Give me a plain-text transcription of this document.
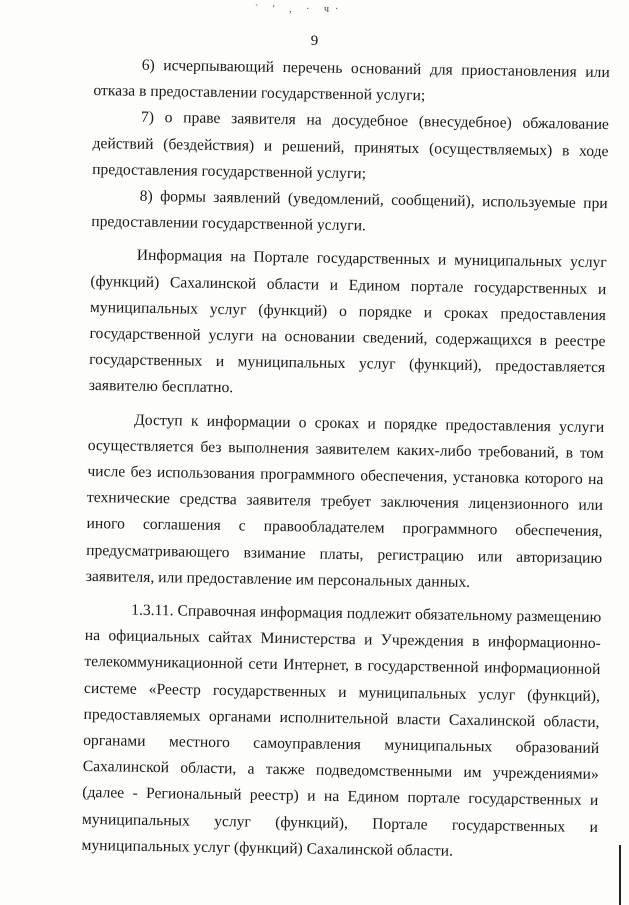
` ' , · ч·
9

6) исчерпывающий перечень оснований для приостановления или отказа в предоставлении государственной услуги;

7) о праве заявителя на досудебное (внесудебное) обжалование действий (бездействия) и решений, принятых (осуществляемых) в ходе предоставления государственной услуги;

8) формы заявлений (уведомлений, сообщений), используемые при предоставлении государственной услуги.

Информация на Портале государственных и муниципальных услуг (функций) Сахалинской области и Едином портале государственных и муниципальных услуг (функций) о порядке и сроках предоставления государственной услуги на основании сведений, содержащихся в реестре государственных и муниципальных услуг (функций), предоставляется заявителю бесплатно.

Доступ к информации о сроках и порядке предоставления услуги осуществляется без выполнения заявителем каких-либо требований, в том числе без использования программного обеспечения, установка которого на технические средства заявителя требует заключения лицензионного или иного соглашения с правообладателем программного обеспечения, предусматривающего взимание платы, регистрацию или авторизацию заявителя, или предоставление им персональных данных.

1.3.11. Справочная информация подлежит обязательному размещению на официальных сайтах Министерства и Учреждения в информационно-телекоммуникационной сети Интернет, в государственной информационной системе «Реестр государственных и муниципальных услуг (функций), предоставляемых органами исполнительной власти Сахалинской области, органами местного самоуправления муниципальных образований Сахалинской области, а также подведомственными им учреждениями» (далее - Региональный реестр) и на Едином портале государственных и муниципальных услуг (функций), Портале государственных и муниципальных услуг (функций) Сахалинской области.
